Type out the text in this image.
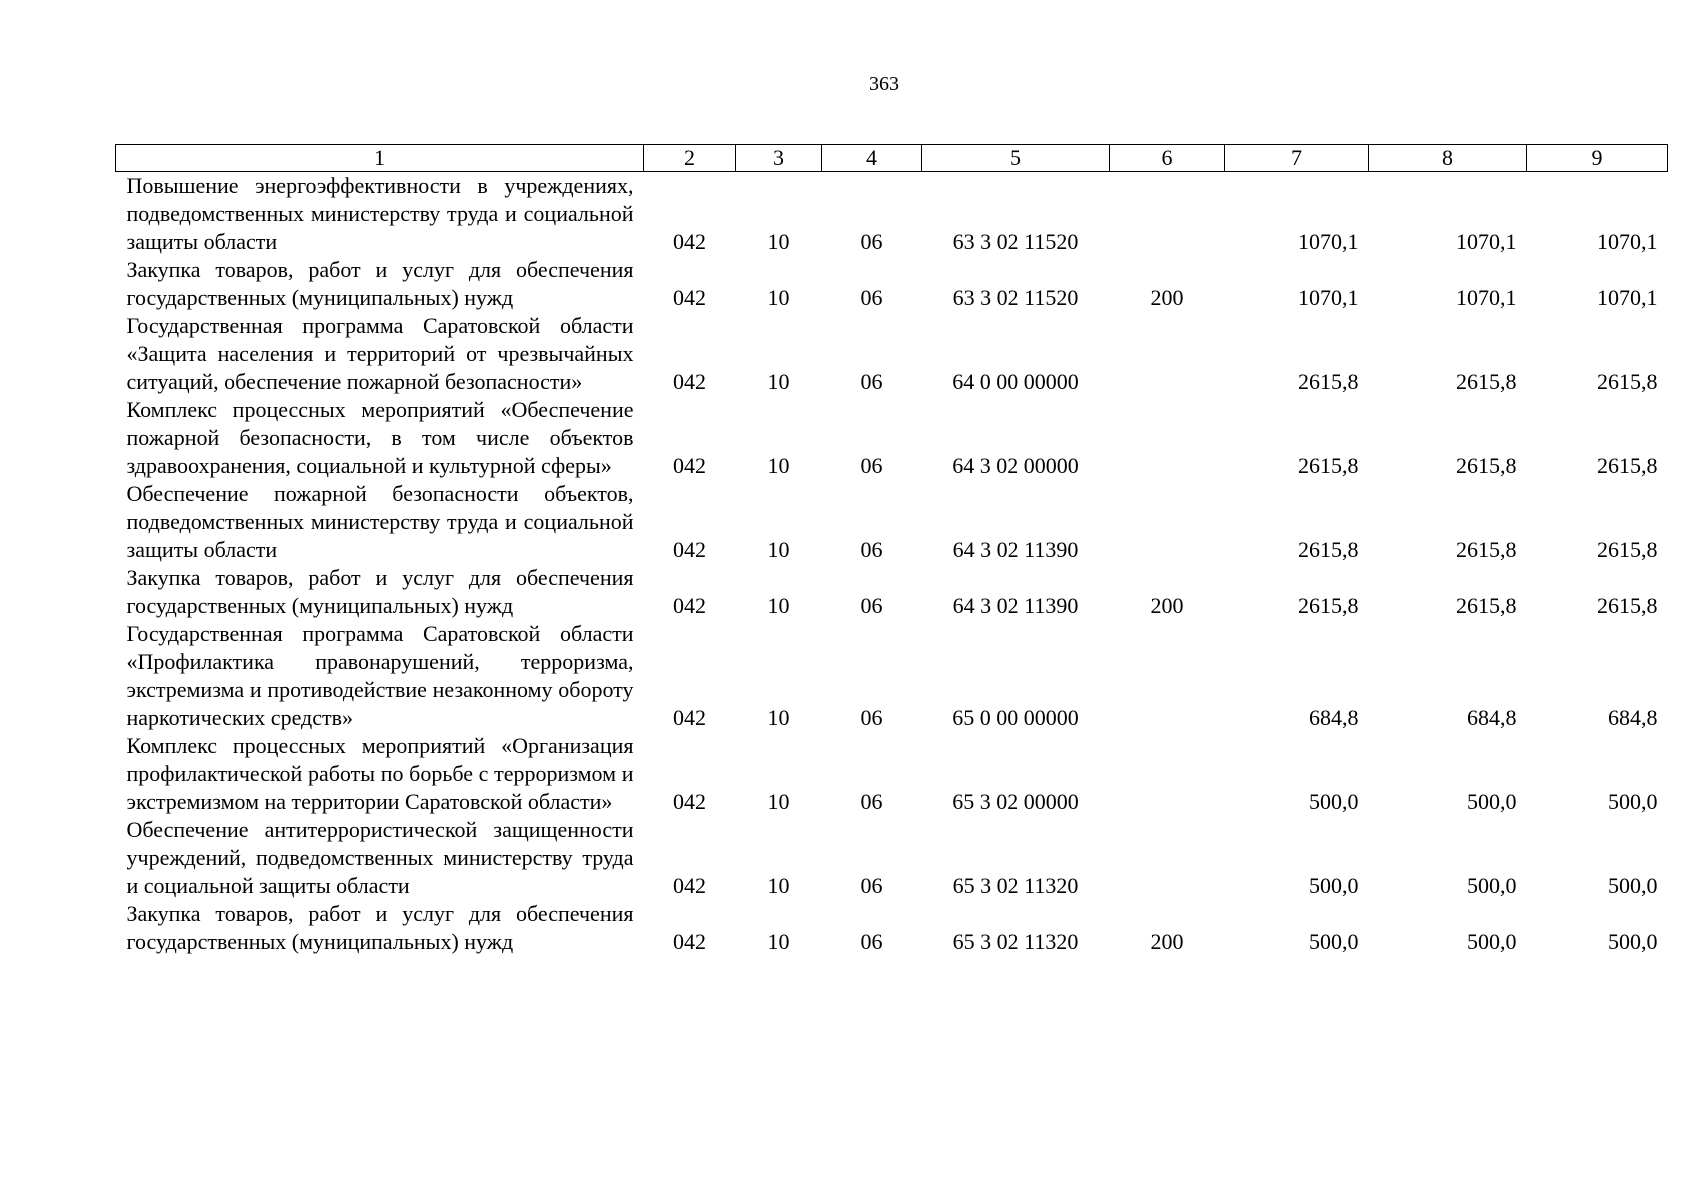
363
1	2	3	4	5	6	7	8	9
Повышение энергоэффективности в учреждениях, подведомственных министерству труда и социальной защиты области	042	10	06	63 3 02 11520		1070,1	1070,1	1070,1
Закупка товаров, работ и услуг для обеспечения государственных (муниципальных) нужд	042	10	06	63 3 02 11520	200	1070,1	1070,1	1070,1
Государственная программа Саратовской области «Защита населения и территорий от чрезвычайных ситуаций, обеспечение пожарной безопасности»	042	10	06	64 0 00 00000		2615,8	2615,8	2615,8
Комплекс процессных мероприятий «Обеспечение пожарной безопасности, в том числе объектов здравоохранения, социальной и культурной сферы»	042	10	06	64 3 02 00000		2615,8	2615,8	2615,8
Обеспечение пожарной безопасности объектов, подведомственных министерству труда и социальной защиты области	042	10	06	64 3 02 11390		2615,8	2615,8	2615,8
Закупка товаров, работ и услуг для обеспечения государственных (муниципальных) нужд	042	10	06	64 3 02 11390	200	2615,8	2615,8	2615,8
Государственная программа Саратовской области «Профилактика правонарушений, терроризма, экстремизма и противодействие незаконному обороту наркотических средств»	042	10	06	65 0 00 00000		684,8	684,8	684,8
Комплекс процессных мероприятий «Организация профилактической работы по борьбе с терроризмом и экстремизмом на территории Саратовской области»	042	10	06	65 3 02 00000		500,0	500,0	500,0
Обеспечение антитеррористической защищенности учреждений, подведомственных министерству труда и социальной защиты области	042	10	06	65 3 02 11320		500,0	500,0	500,0
Закупка товаров, работ и услуг для обеспечения государственных (муниципальных) нужд	042	10	06	65 3 02 11320	200	500,0	500,0	500,0
